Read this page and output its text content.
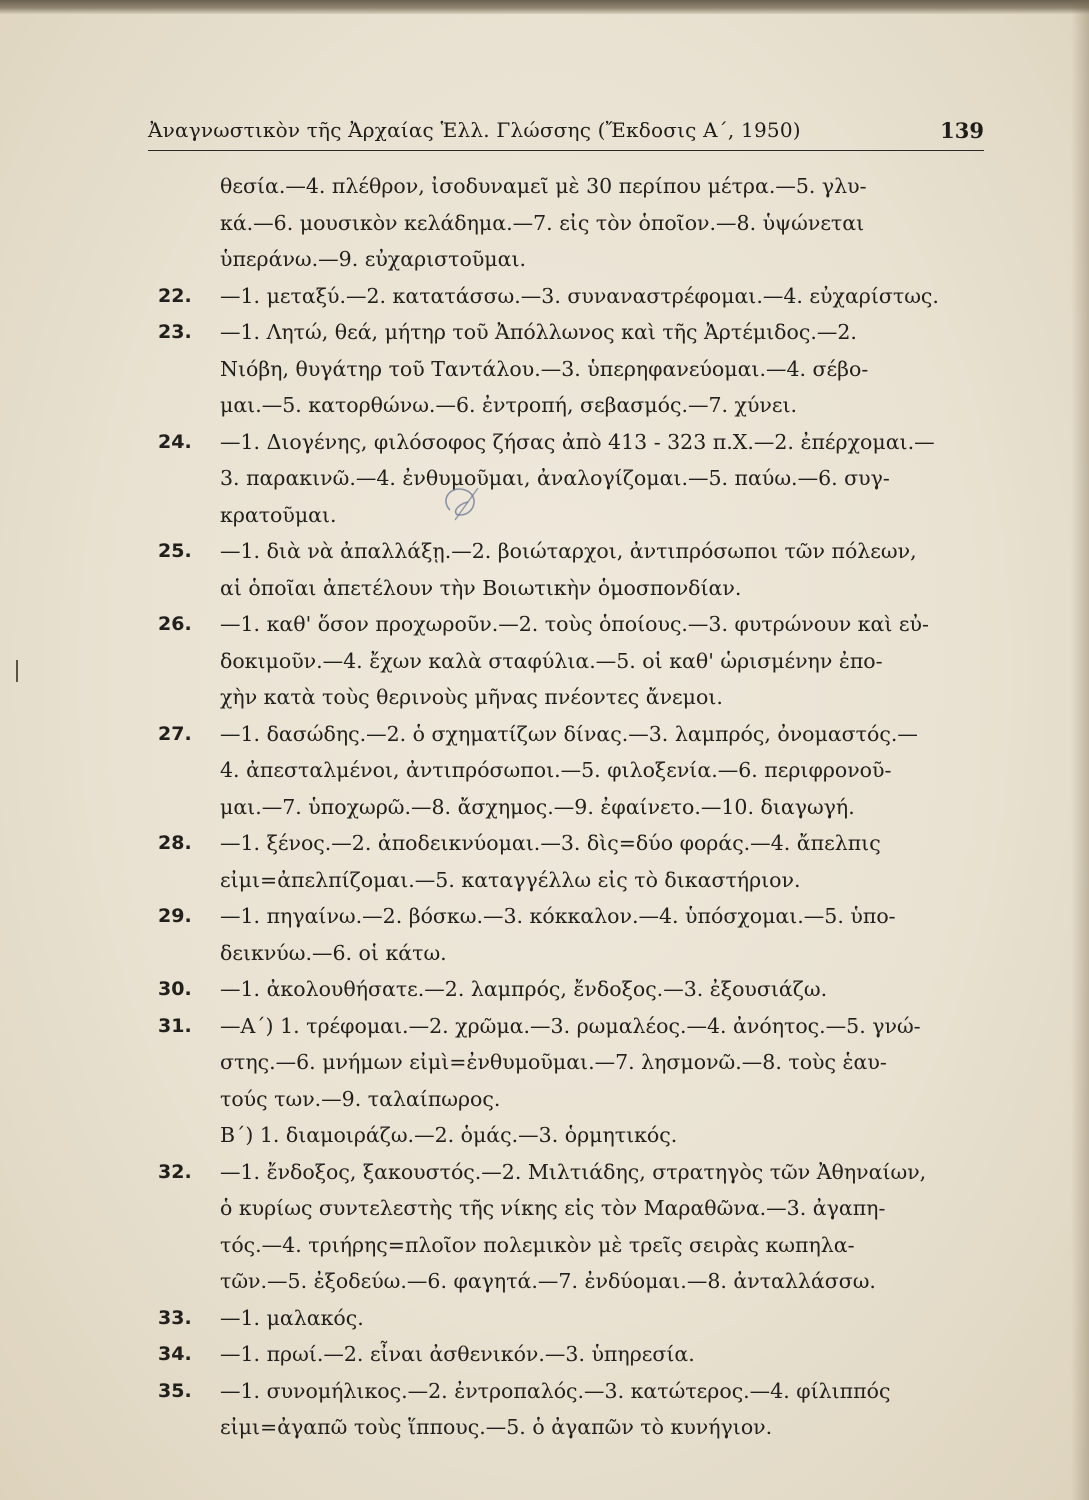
Ἀναγνωστικὸν τῆς Ἀρχαίας Ἑλλ. Γλώσσης (Ἔκδοσις Α΄, 1950)	139
θεσία.—4. πλέθρον, ἰσοδυναμεῖ μὲ 30 περίπου μέτρα.—5. γλυ-
κά.—6. μουσικὸν κελάδημα.—7. εἰς τὸν ὁποῖον.—8. ὑψώνεται
ὑπεράνω.—9. εὐχαριστοῦμαι.
22. —1. μεταξύ.—2. κατατάσσω.—3. συναναστρέφομαι.—4. εὐχαρίστως.
23. —1. Λητώ, θεά, μήτηρ τοῦ Ἀπόλλωνος καὶ τῆς Ἀρτέμιδος.—2.
Νιόβη, θυγάτηρ τοῦ Ταντάλου.—3. ὑπερηφανεύομαι.—4. σέβο-
μαι.—5. κατορθώνω.—6. ἐντροπή, σεβασμός.—7. χύνει.
24. —1. Διογένης, φιλόσοφος ζήσας ἀπὸ 413 - 323 π.Χ.—2. ἐπέρχομαι.—
3. παρακινῶ.—4. ἐνθυμοῦμαι, ἀναλογίζομαι.—5. παύω.—6. συγ-
κρατοῦμαι.
25. —1. διὰ νὰ ἀπαλλάξῃ.—2. βοιώταρχοι, ἀντιπρόσωποι τῶν πόλεων,
αἱ ὁποῖαι ἀπετέλουν τὴν Βοιωτικὴν ὁμοσπονδίαν.
26. —1. καθ' ὅσον προχωροῦν.—2. τοὺς ὁποίους.—3. φυτρώνουν καὶ εὐ-
δοκιμοῦν.—4. ἔχων καλὰ σταφύλια.—5. οἱ καθ' ὡρισμένην ἐπο-
χὴν κατὰ τοὺς θερινοὺς μῆνας πνέοντες ἄνεμοι.
27. —1. δασώδης.—2. ὁ σχηματίζων δίνας.—3. λαμπρός, ὀνομαστός.—
4. ἀπεσταλμένοι, ἀντιπρόσωποι.—5. φιλοξενία.—6. περιφρονοῦ-
μαι.—7. ὑποχωρῶ.—8. ἄσχημος.—9. ἐφαίνετο.—10. διαγωγή.
28. —1. ξένος.—2. ἀποδεικνύομαι.—3. δὶς=δύο φοράς.—4. ἄπελπις
εἰμι=ἀπελπίζομαι.—5. καταγγέλλω εἰς τὸ δικαστήριον.
29. —1. πηγαίνω.—2. βόσκω.—3. κόκκαλον.—4. ὑπόσχομαι.—5. ὑπο-
δεικνύω.—6. οἱ κάτω.
30. —1. ἀκολουθήσατε.—2. λαμπρός, ἔνδοξος.—3. ἐξουσιάζω.
31. —Α΄) 1. τρέφομαι.—2. χρῶμα.—3. ρωμαλέος.—4. ἀνόητος.—5. γνώ-
στης.—6. μνήμων εἰμὶ=ἐνθυμοῦμαι.—7. λησμονῶ.—8. τοὺς ἑαυ-
τούς των.—9. ταλαίπωρος.
Β΄) 1. διαμοιράζω.—2. ὁμάς.—3. ὁρμητικός.
32. —1. ἔνδοξος, ξακουστός.—2. Μιλτιάδης, στρατηγὸς τῶν Ἀθηναίων,
ὁ κυρίως συντελεστὴς τῆς νίκης εἰς τὸν Μαραθῶνα.—3. ἀγαπη-
τός.—4. τριήρης=πλοῖον πολεμικὸν μὲ τρεῖς σειρὰς κωπηλα-
τῶν.—5. ἐξοδεύω.—6. φαγητά.—7. ἐνδύομαι.—8. ἀνταλλάσσω.
33. —1. μαλακός.
34. —1. πρωί.—2. εἶναι ἀσθενικόν.—3. ὑπηρεσία.
35. —1. συνομήλικος.—2. ἐντροπαλός.—3. κατώτερος.—4. φίλιππός
εἰμι=ἀγαπῶ τοὺς ἵππους.—5. ὁ ἀγαπῶν τὸ κυνήγιον.
